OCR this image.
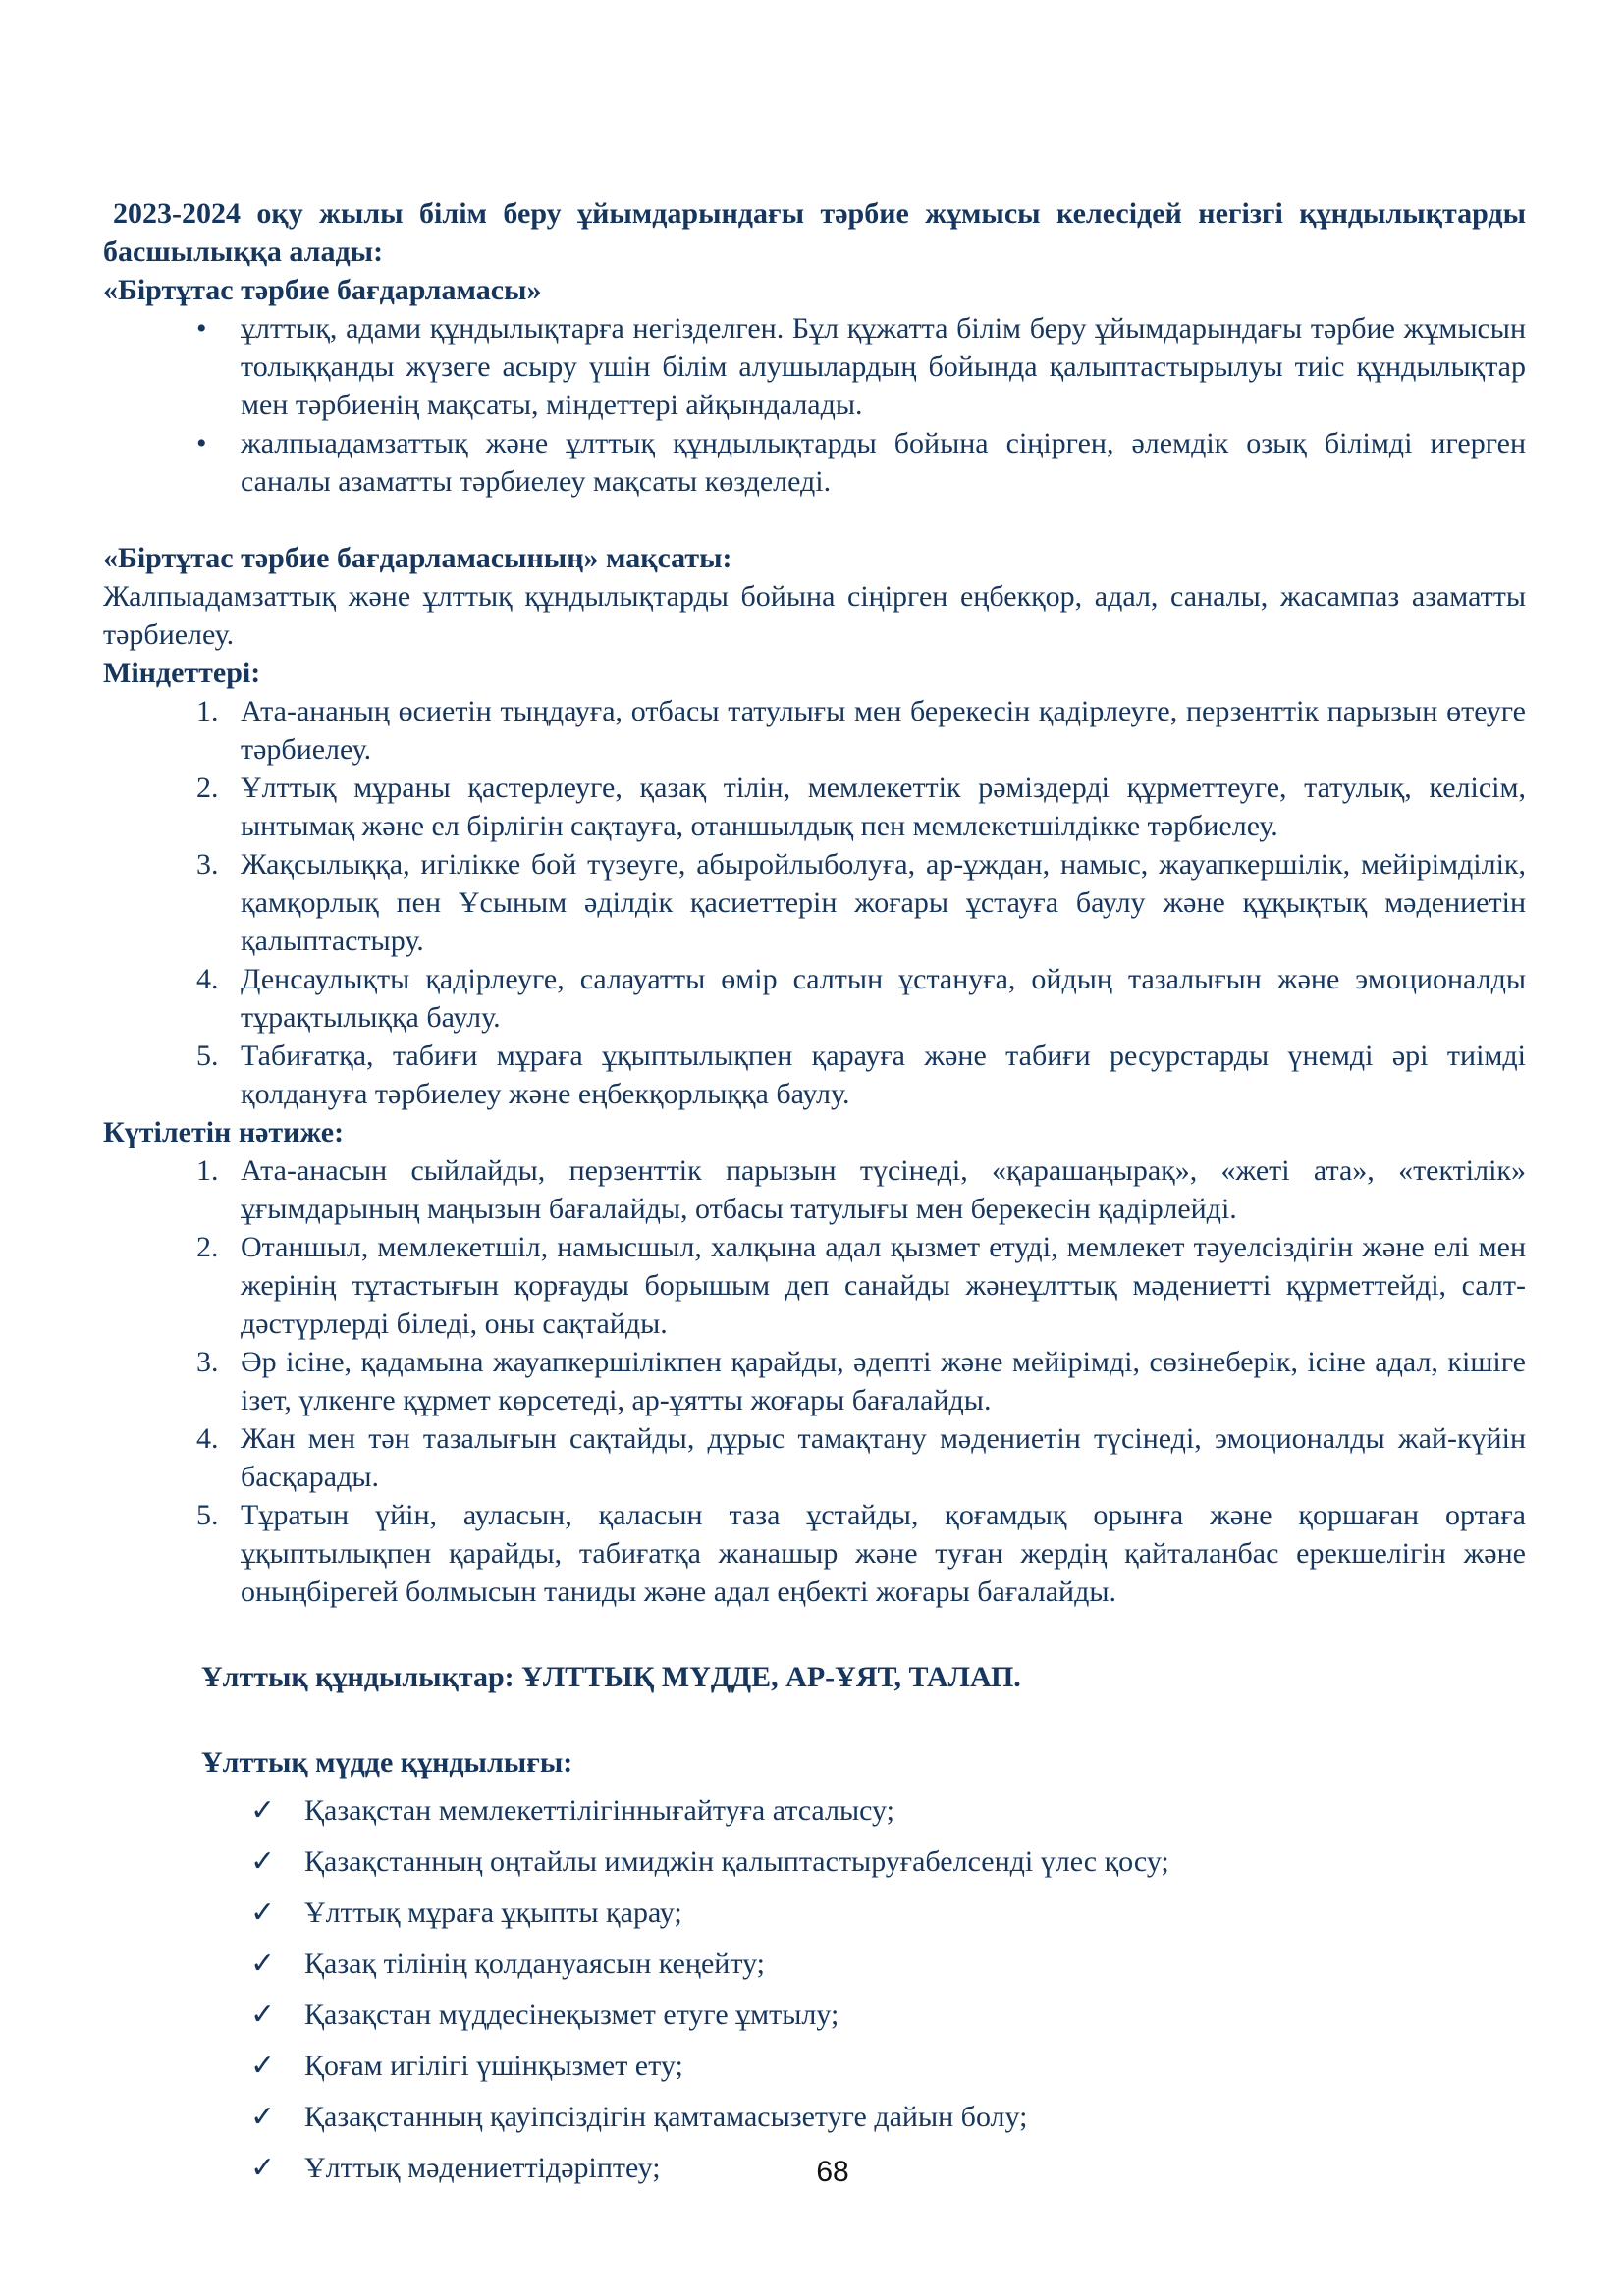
2023-2024 оқу жылы білім беру ұйымдарындағы тәрбие жұмысы келесідей негізгі құндылықтарды басшылыққа алады:

«Біртұтас тәрбие бағдарламасы»

•	ұлттық, адами құндылықтарға негізделген. Бұл құжатта білім беру ұйымдарындағы тәрбие жұмысын толыққанды жүзеге асыру үшін білім алушылардың бойында қалыптастырылуы тиіс құндылықтар мен тәрбиенің мақсаты, міндеттері айқындалады.
•	жалпыадамзаттық және ұлттық құндылықтарды бойына сіңірген, әлемдік озық білімді игерген саналы азаматты тәрбиелеу мақсаты көзделеді.

«Біртұтас тәрбие бағдарламасының» мақсаты:

Жалпыадамзаттық және ұлттық құндылықтарды бойына сіңірген еңбекқор, адал, саналы, жасампаз азаматты тәрбиелеу.

Міндеттері:

1. Ата-ананың өсиетін тыңдауға, отбасы татулығы мен берекесін қадірлеуге, перзенттік парызын өтеуге тәрбиелеу.
2. Ұлттық мұраны қастерлеуге, қазақ тілін, мемлекеттік рәміздерді құрметтеуге, татулық, келісім, ынтымақ және ел бірлігін сақтауға, отаншылдық пен мемлекетшілдікке тәрбиелеу.
3. Жақсылыққа, игілікке бой түзеуге, абыройлыболуға, ар-ұждан, намыс, жауапкершілік, мейірімділік, қамқорлық пен Ұсыным әділдік қасиеттерін жоғары ұстауға баулу және құқықтық мәдениетін қалыптастыру.
4. Денсаулықты қадірлеуге, салауатты өмір салтын ұстануға, ойдың тазалығын және эмоционалды тұрақтылыққа баулу.
5. Табиғатқа, табиғи мұраға ұқыптылықпен қарауға және табиғи ресурстарды үнемді әрі тиімді қолдануға тәрбиелеу және еңбекқорлыққа баулу.

Күтілетін нәтиже:

1. Ата-анасын сыйлайды, перзенттік парызын түсінеді, «қарашаңырақ», «жеті ата», «тектілік» ұғымдарының маңызын бағалайды, отбасы татулығы мен берекесін қадірлейді.
2. Отаншыл, мемлекетшіл, намысшыл, халқына адал қызмет етуді, мемлекет тәуелсіздігін және елі мен жерінің тұтастығын қорғауды борышым деп санайды жәнеұлттық мәдениетті құрметтейді, салт-дәстүрлерді біледі, оны сақтайды.
3. Әр ісіне, қадамына жауапкершілікпен қарайды, әдепті және мейірімді, сөзінеберік, ісіне адал, кішіге ізет, үлкенге құрмет көрсетеді, ар-ұятты жоғары бағалайды.
4. Жан мен тән тазалығын сақтайды, дұрыс тамақтану мәдениетін түсінеді, эмоционалды жай-күйін басқарады.
5. Тұратын үйін, ауласын, қаласын таза ұстайды, қоғамдық орынға және қоршаған ортаға ұқыптылықпен қарайды, табиғатқа жанашыр және туған жердің қайталанбас ерекшелігін және оныңбірегей болмысын таниды және адал еңбекті жоғары бағалайды.

Ұлттық құндылықтар: ҰЛТТЫҚ МҮДДЕ, АР-ҰЯТ, ТАЛАП.

Ұлттық мүдде құндылығы:

✓ Қазақстан мемлекеттілігіннығайтуға атсалысу;
✓ Қазақстанның оңтайлы имиджін қалыптастыруғабелсенді үлес қосу;
✓ Ұлттық мұраға ұқыпты қарау;
✓ Қазақ тілінің қолдануаясын кеңейту;
✓ Қазақстан мүддесінеқызмет етуге ұмтылу;
✓ Қоғам игілігі үшінқызмет ету;
✓ Қазақстанның қауіпсіздігін қамтамасызетуге дайын болу;
✓ Ұлттық мәдениеттідәріптеу;	68
